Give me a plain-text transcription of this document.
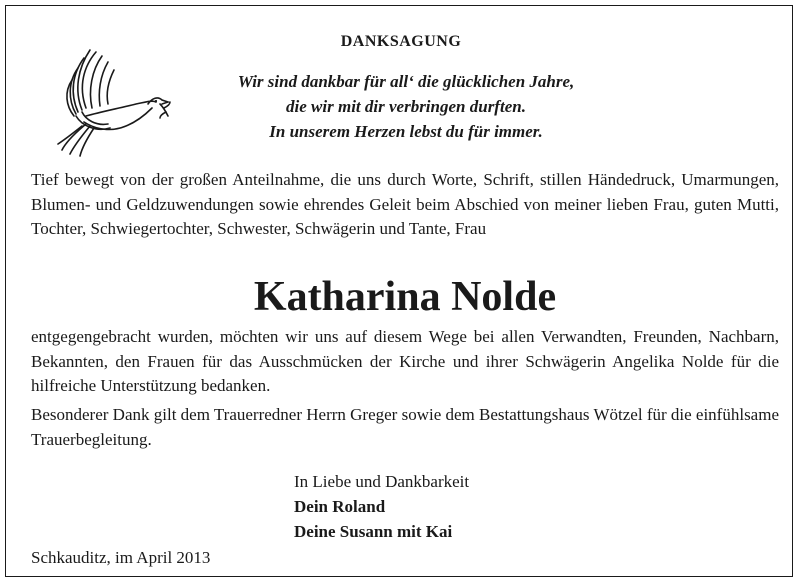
DANKSAGUNG
Wir sind dankbar für all‘ die glücklichen Jahre,
die wir mit dir verbringen durften.
In unserem Herzen lebst du für immer.
Tief bewegt von der großen Anteilnahme, die uns durch Worte, Schrift, stillen Händedruck, Umarmungen, Blumen- und Geldzuwendungen sowie ehrendes Geleit beim Abschied von meiner lieben Frau, guten Mutti, Tochter, Schwiegertochter, Schwester, Schwägerin und Tante, Frau
Katharina Nolde
entgegengebracht wurden, möchten wir uns auf diesem Wege bei allen Verwandten, Freunden, Nachbarn, Bekannten, den Frauen für das Ausschmücken der Kirche und ihrer Schwägerin Angelika Nolde für die hilfreiche Unterstützung bedanken.
Besonderer Dank gilt dem Trauerredner Herrn Greger sowie dem Bestattungshaus Wötzel für die einfühlsame Trauerbegleitung.
In Liebe und Dankbarkeit
Dein Roland
Deine Susann mit Kai
Schkauditz, im April 2013
